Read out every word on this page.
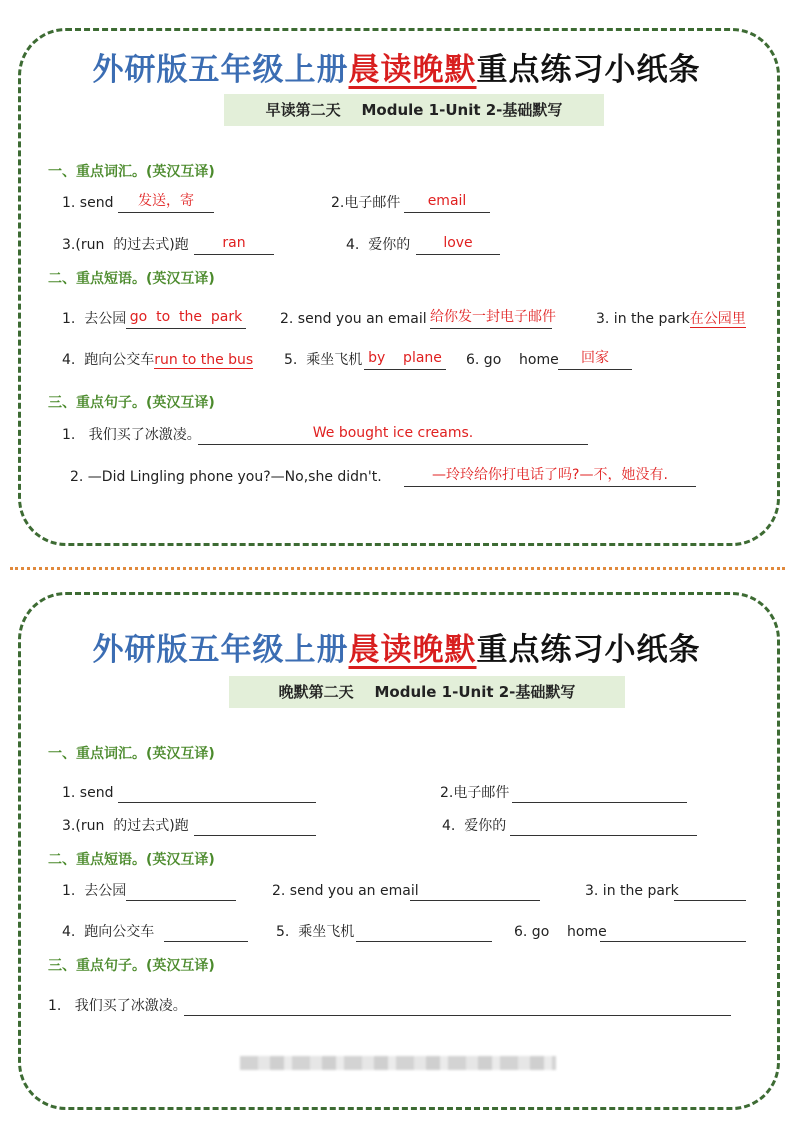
外研版五年级上册晨读晚默重点练习小纸条
早读第二天    Module 1-Unit 2-基础默写
一、重点词汇。(英汉互译)
1. send	发送，寄	2.电子邮件	email
3.(run  的过去式)跑	ran	4.  爱你的	love
二、重点短语。(英汉互译)
1.  去公园 go  to  the  park	2. send you an email 给你发一封电子邮件	3. in the park在公园里
4.  跑向公交车run to the bus 5.  乘坐飞机 by    plane 6. go    home	回家
三、重点句子。(英汉互译)
1.   我们买了冰激凌。	We bought ice creams.
2. —Did Lingling phone you?—No,she didn't.	—玲玲给你打电话了吗?—不，她没有.
外研版五年级上册晨读晚默重点练习小纸条
晚默第二天    Module 1-Unit 2-基础默写
一、重点词汇。(英汉互译)
1. send	2.电子邮件
3.(run  的过去式)跑	4.  爱你的
二、重点短语。(英汉互译)
1.  去公园	2. send you an email	3. in the park
4.  跑向公交车	5.  乘坐飞机	6. go    home
三、重点句子。(英汉互译)
1.   我们买了冰激凌。
